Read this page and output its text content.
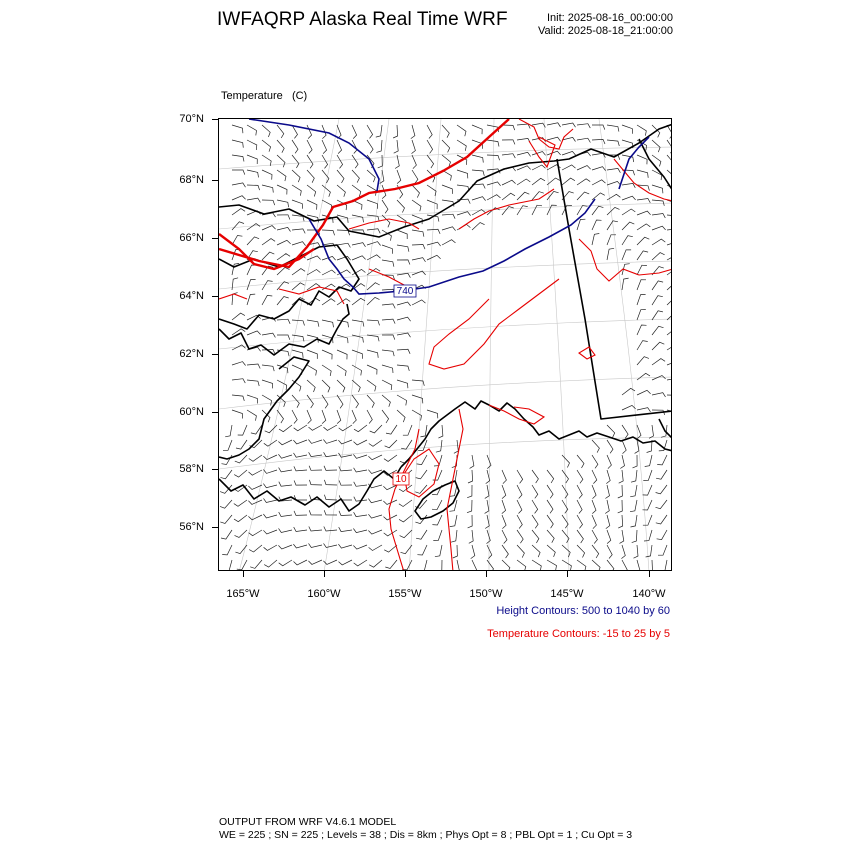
IWFAQRP Alaska Real Time WRF	Init: 2025-08-16_00:00:00
Valid: 2025-08-18_21:00:00

Temperature (C)

740
10
70°N
68°N
66°N
64°N
62°N
60°N
58°N
56°N
165°W	160°W	155°W	150°W	145°W	140°W
Height Contours: 500 to 1040 by 60
Temperature Contours: -15 to 25 by 5
OUTPUT FROM WRF V4.6.1 MODEL
WE = 225 ; SN = 225 ; Levels = 38 ; Dis = 8km ; Phys Opt = 8 ; PBL Opt = 1 ; Cu Opt = 3
